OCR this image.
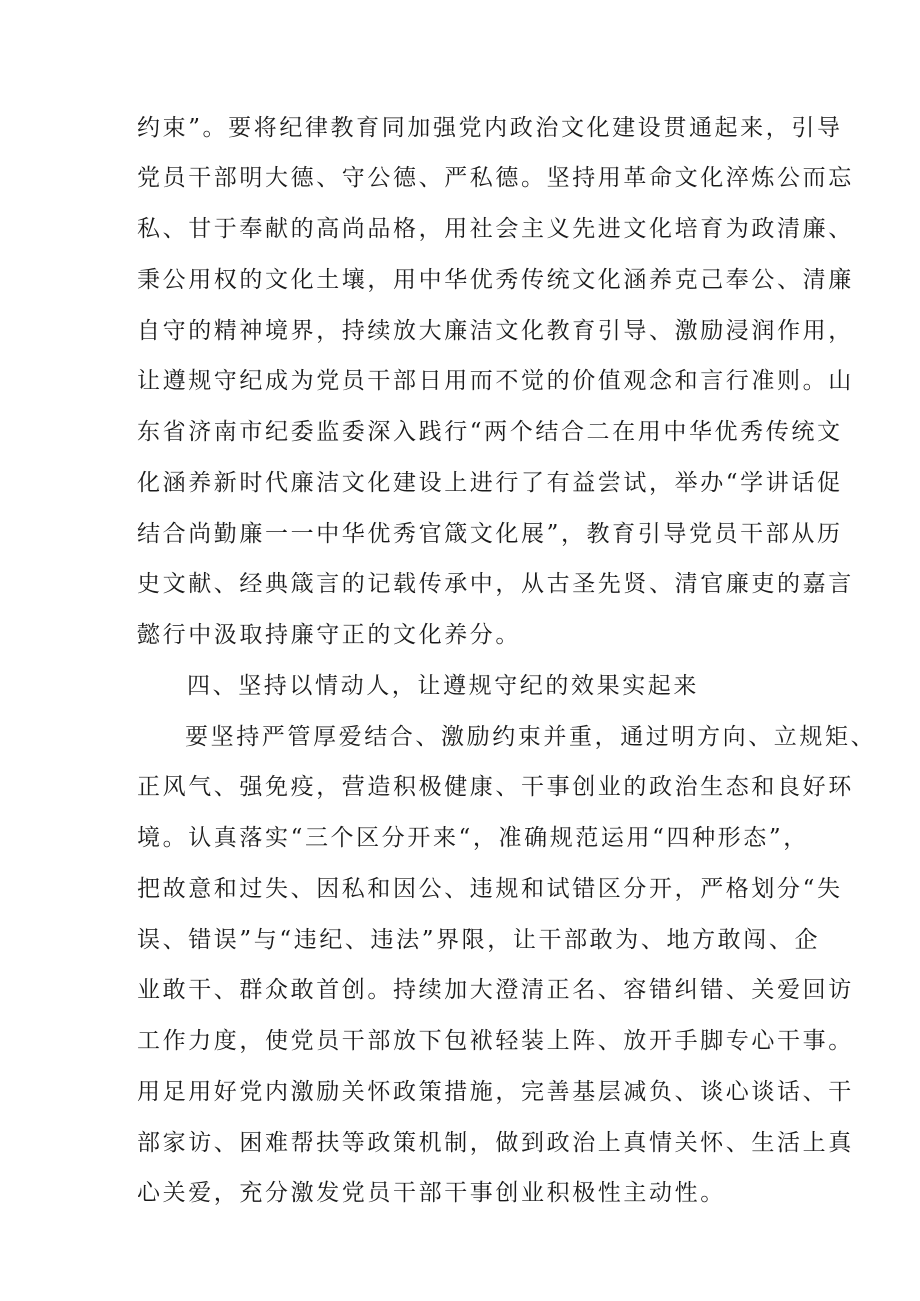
约束”。要将纪律教育同加强党内政治文化建设贯通起来，引导
党员干部明大德、守公德、严私德。坚持用革命文化淬炼公而忘
私、甘于奉献的高尚品格，用社会主义先进文化培育为政清廉、
秉公用权的文化土壤，用中华优秀传统文化涵养克己奉公、清廉
自守的精神境界，持续放大廉洁文化教育引导、激励浸润作用，
让遵规守纪成为党员干部日用而不觉的价值观念和言行准则。山
东省济南市纪委监委深入践行“两个结合二在用中华优秀传统文
化涵养新时代廉洁文化建设上进行了有益尝试，举办“学讲话促
结合尚勤廉一一中华优秀官箴文化展”，教育引导党员干部从历
史文献、经典箴言的记载传承中，从古圣先贤、清官廉吏的嘉言
懿行中汲取持廉守正的文化养分。
四、坚持以情动人，让遵规守纪的效果实起来
要坚持严管厚爱结合、激励约束并重，通过明方向、立规矩、
正风气、强免疫，营造积极健康、干事创业的政治生态和良好环
境。认真落实“三个区分开来“，准确规范运用“四种形态”，
把故意和过失、因私和因公、违规和试错区分开，严格划分“失
误、错误”与“违纪、违法”界限，让干部敢为、地方敢闯、企
业敢干、群众敢首创。持续加大澄清正名、容错纠错、关爱回访
工作力度，使党员干部放下包袱轻装上阵、放开手脚专心干事。
用足用好党内激励关怀政策措施，完善基层减负、谈心谈话、干
部家访、困难帮扶等政策机制，做到政治上真情关怀、生活上真
心关爱，充分激发党员干部干事创业积极性主动性。
